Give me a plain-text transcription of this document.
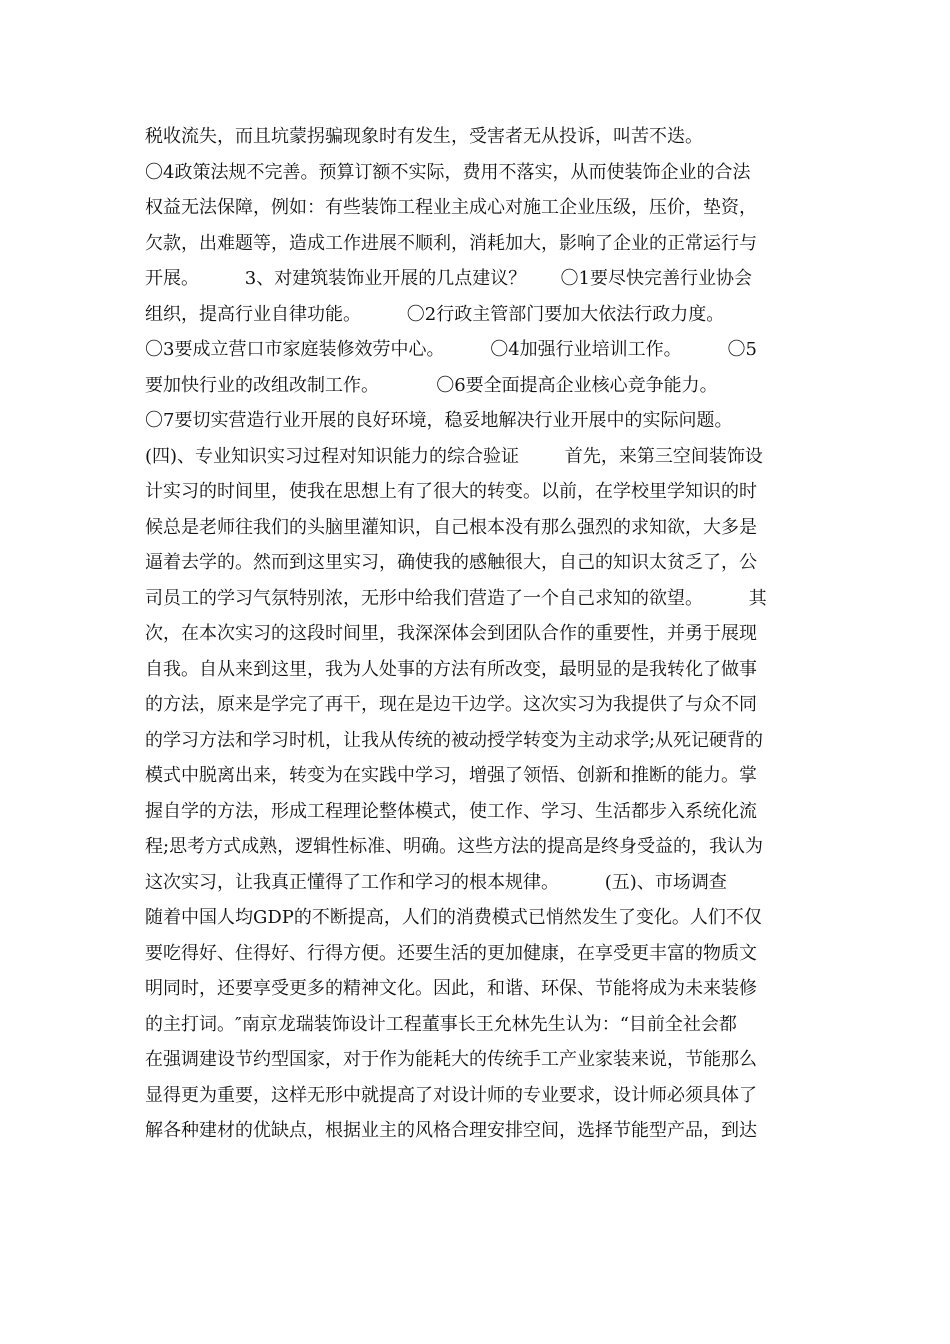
税收流失，而且坑蒙拐骗现象时有发生，受害者无从投诉，叫苦不迭。
〇4政策法规不完善。预算订额不实际，费用不落实，从而使装饰企业的合法
权益无法保障，例如：有些装饰工程业主成心对施工企业压级，压价，垫资，
欠款，出难题等，造成工作进展不顺利，消耗加大，影响了企业的正常运行与
开展。        3、对建筑装饰业开展的几点建议？      〇1要尽快完善行业协会
组织，提高行业自律功能。        〇2行政主管部门要加大依法行政力度。
〇3要成立营口市家庭装修效劳中心。        〇4加强行业培训工作。        〇5
要加快行业的改组改制工作。          〇6要全面提高企业核心竞争能力。
〇7要切实营造行业开展的良好环境，稳妥地解决行业开展中的实际问题。
(四)、专业知识实习过程对知识能力的综合验证        首先，来第三空间装饰设
计实习的时间里，使我在思想上有了很大的转变。以前，在学校里学知识的时
候总是老师往我们的头脑里灌知识，自己根本没有那么强烈的求知欲，大多是
逼着去学的。然而到这里实习，确使我的感触很大，自己的知识太贫乏了，公
司员工的学习气氛特别浓，无形中给我们营造了一个自己求知的欲望。        其
次，在本次实习的这段时间里，我深深体会到团队合作的重要性，并勇于展现
自我。自从来到这里，我为人处事的方法有所改变，最明显的是我转化了做事
的方法，原来是学完了再干，现在是边干边学。这次实习为我提供了与众不同
的学习方法和学习时机，让我从传统的被动授学转变为主动求学;从死记硬背的
模式中脱离出来，转变为在实践中学习，增强了领悟、创新和推断的能力。掌
握自学的方法，形成工程理论整体模式，使工作、学习、生活都步入系统化流
程;思考方式成熟，逻辑性标准、明确。这些方法的提高是终身受益的，我认为
这次实习，让我真正懂得了工作和学习的根本规律。        (五)、市场调查
随着中国人均GDP的不断提高，人们的消费模式已悄然发生了变化。人们不仅
要吃得好、住得好、行得方便。还要生活的更加健康，在享受更丰富的物质文
明同时，还要享受更多的精神文化。因此，和谐、环保、节能将成为未来装修
的主打词。″南京龙瑞装饰设计工程董事长王允林先生认为：“目前全社会都
在强调建设节约型国家，对于作为能耗大的传统手工产业家装来说，节能那么
显得更为重要，这样无形中就提高了对设计师的专业要求，设计师必须具体了
解各种建材的优缺点，根据业主的风格合理安排空间，选择节能型产品，到达
